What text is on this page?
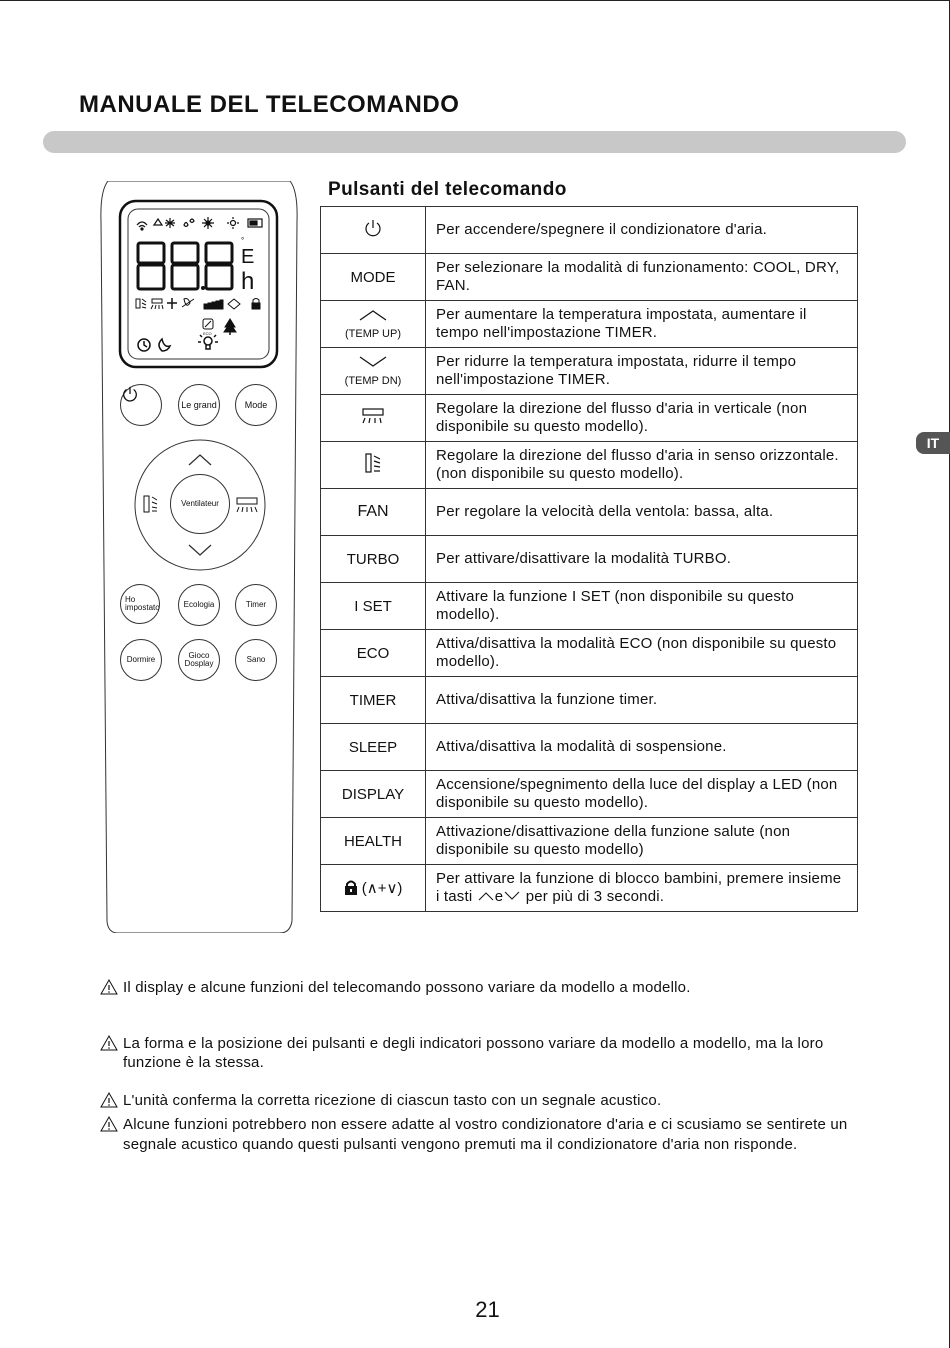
MANUALE DEL TELECOMANDO
IT
E
°
h
ECO
Le grand	Mode
Ventilateur
Ho impostato	Ecologia	Timer
Dormire	Gioco Dosplay	Sano
Pulsanti del telecomando
	Per accendere/spegnere il condizionatore d'aria.
MODE	Per selezionare la modalità di funzionamento: COOL, DRY, FAN.

(TEMP UP)	Per aumentare la temperatura impostata, aumentare il tempo nell'impostazione TIMER.

(TEMP DN)	Per ridurre la temperatura impostata, ridurre il tempo nell'impostazione TIMER.
	Regolare la direzione del flusso d'aria in verticale (non disponibile su questo modello).
	Regolare la direzione del flusso d'aria in senso orizzontale. (non disponibile su questo modello).
FAN	Per regolare la velocità della ventola: bassa, alta.
TURBO	Per attivare/disattivare la modalità TURBO.
I SET	Attivare la funzione I SET (non disponibile su questo modello).
ECO	Attiva/disattiva la modalità ECO (non disponibile su questo modello).
TIMER	Attiva/disattiva la funzione timer.
SLEEP	Attiva/disattiva la modalità di sospensione.
DISPLAY	Accensione/spegnimento della luce del display a LED (non disponibile su questo modello).
HEALTH	Attivazione/disattivazione della funzione salute (non disponibile su questo modello)
(∧+∨)	Per attivare la funzione di blocco bambini, premere insieme i tasti e per più di 3 secondi.
Il display e alcune funzioni del telecomando possono variare da modello a modello.
La forma e la posizione dei pulsanti e degli indicatori possono variare da modello a modello, ma la loro funzione è la stessa.
L'unità conferma la corretta ricezione di ciascun tasto con un segnale acustico.
Alcune funzioni potrebbero non essere adatte al vostro condizionatore d'aria e ci scusiamo se sentirete un segnale acustico quando questi pulsanti vengono premuti ma il condizionatore d'aria non risponde.
21
